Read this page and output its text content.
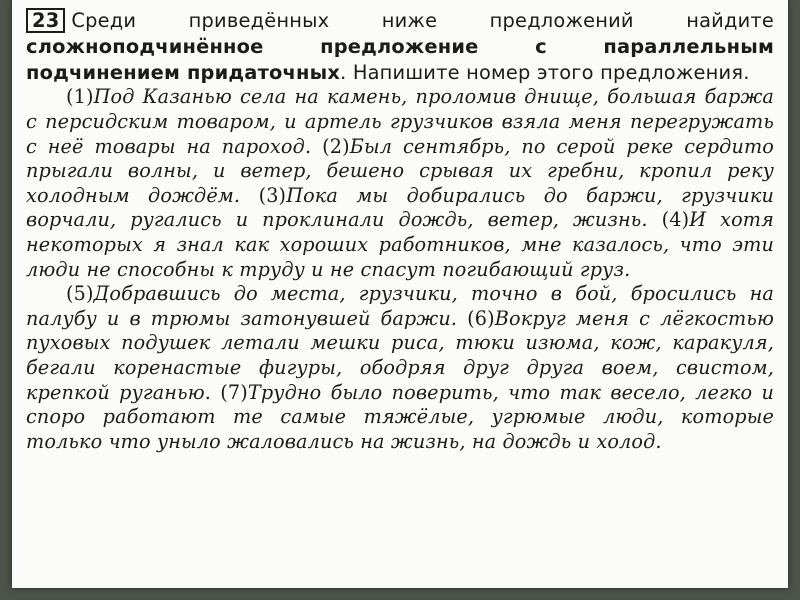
23 Среди приведённых ниже предложений найдите сложноподчинённое предложение с параллельным подчинением придаточных. Напишите номер этого предложения.

(1)Под Казанью села на камень, проломив днище, большая баржа с персидским товаром, и артель грузчиков взяла меня перегружать с неё товары на пароход. (2)Был сентябрь, по серой реке сердито прыгали волны, и ветер, бешено срывая их гребни, кропил реку холодным дождём. (3)Пока мы добирались до баржи, грузчики ворчали, ругались и проклинали дождь, ветер, жизнь. (4)И хотя некоторых я знал как хороших работников, мне казалось, что эти люди не способны к труду и не спасут погибающий груз.

(5)Добравшись до места, грузчики, точно в бой, бросились на палубу и в трюмы затонувшей баржи. (6)Вокруг меня с лёгкостью пуховых подушек летали мешки риса, тюки изюма, кож, каракуля, бегали коренастые фигуры, ободряя друг друга воем, свистом, крепкой руганью. (7)Трудно было поверить, что так весело, легко и споро работают те самые тяжёлые, угрюмые люди, которые только что уныло жаловались на жизнь, на дождь и холод.
